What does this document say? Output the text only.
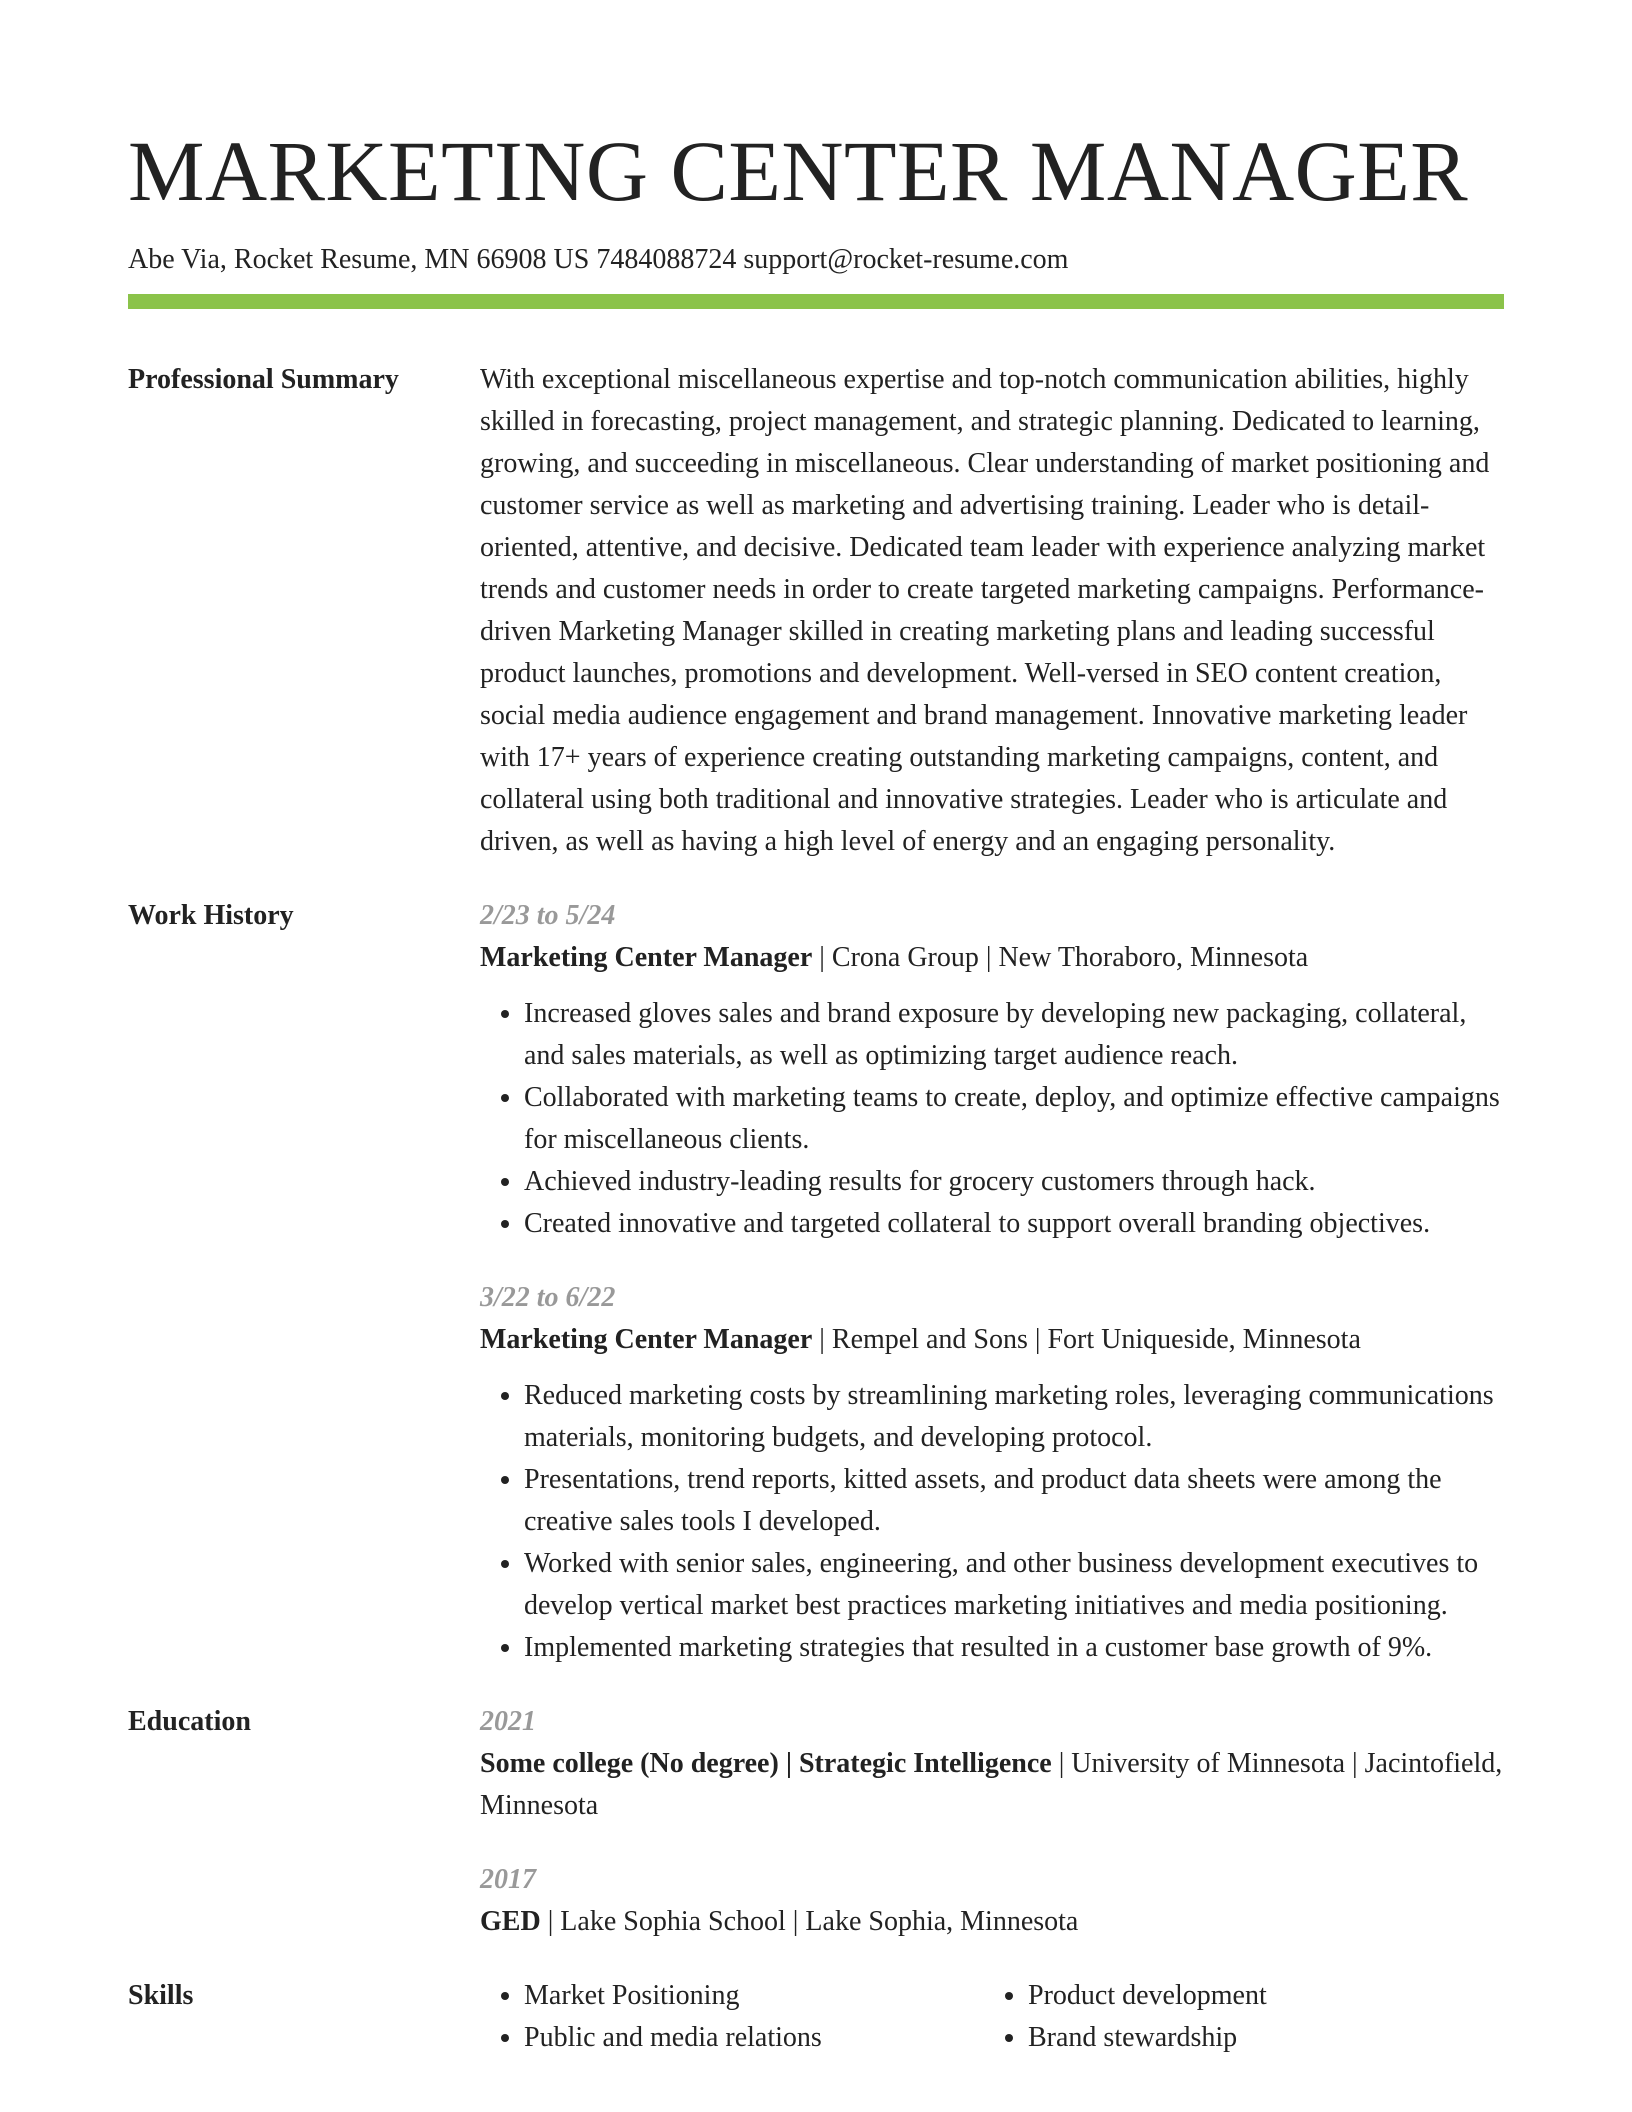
MARKETING CENTER MANAGER
Abe Via, Rocket Resume, MN 66908 US 7484088724 support@rocket-resume.com
Professional Summary	With exceptional miscellaneous expertise and top-notch communication abilities, highly skilled in forecasting, project management, and strategic planning. Dedicated to learning, growing, and succeeding in miscellaneous. Clear understanding of market positioning and customer service as well as marketing and advertising training. Leader who is detail-oriented, attentive, and decisive. Dedicated team leader with experience analyzing market trends and customer needs in order to create targeted marketing campaigns. Performance-driven Marketing Manager skilled in creating marketing plans and leading successful product launches, promotions and development. Well-versed in SEO content creation, social media audience engagement and brand management. Innovative marketing leader with 17+ years of experience creating outstanding marketing campaigns, content, and collateral using both traditional and innovative strategies. Leader who is articulate and driven, as well as having a high level of energy and an engaging personality.
Work History	2/23 to 5/24
Marketing Center Manager | Crona Group | New Thoraboro, Minnesota
• Increased gloves sales and brand exposure by developing new packaging, collateral, and sales materials, as well as optimizing target audience reach.
• Collaborated with marketing teams to create, deploy, and optimize effective campaigns for miscellaneous clients.
• Achieved industry-leading results for grocery customers through hack.
• Created innovative and targeted collateral to support overall branding objectives.
3/22 to 6/22
Marketing Center Manager | Rempel and Sons | Fort Uniqueside, Minnesota
• Reduced marketing costs by streamlining marketing roles, leveraging communications materials, monitoring budgets, and developing protocol.
• Presentations, trend reports, kitted assets, and product data sheets were among the creative sales tools I developed.
• Worked with senior sales, engineering, and other business development executives to develop vertical market best practices marketing initiatives and media positioning.
• Implemented marketing strategies that resulted in a customer base growth of 9%.
Education	2021
Some college (No degree) | Strategic Intelligence | University of Minnesota | Jacintofield, Minnesota
2017
GED | Lake Sophia School | Lake Sophia, Minnesota
Skills
•	Market Positioning
• Public and media relations
• Product development
• Brand stewardship
